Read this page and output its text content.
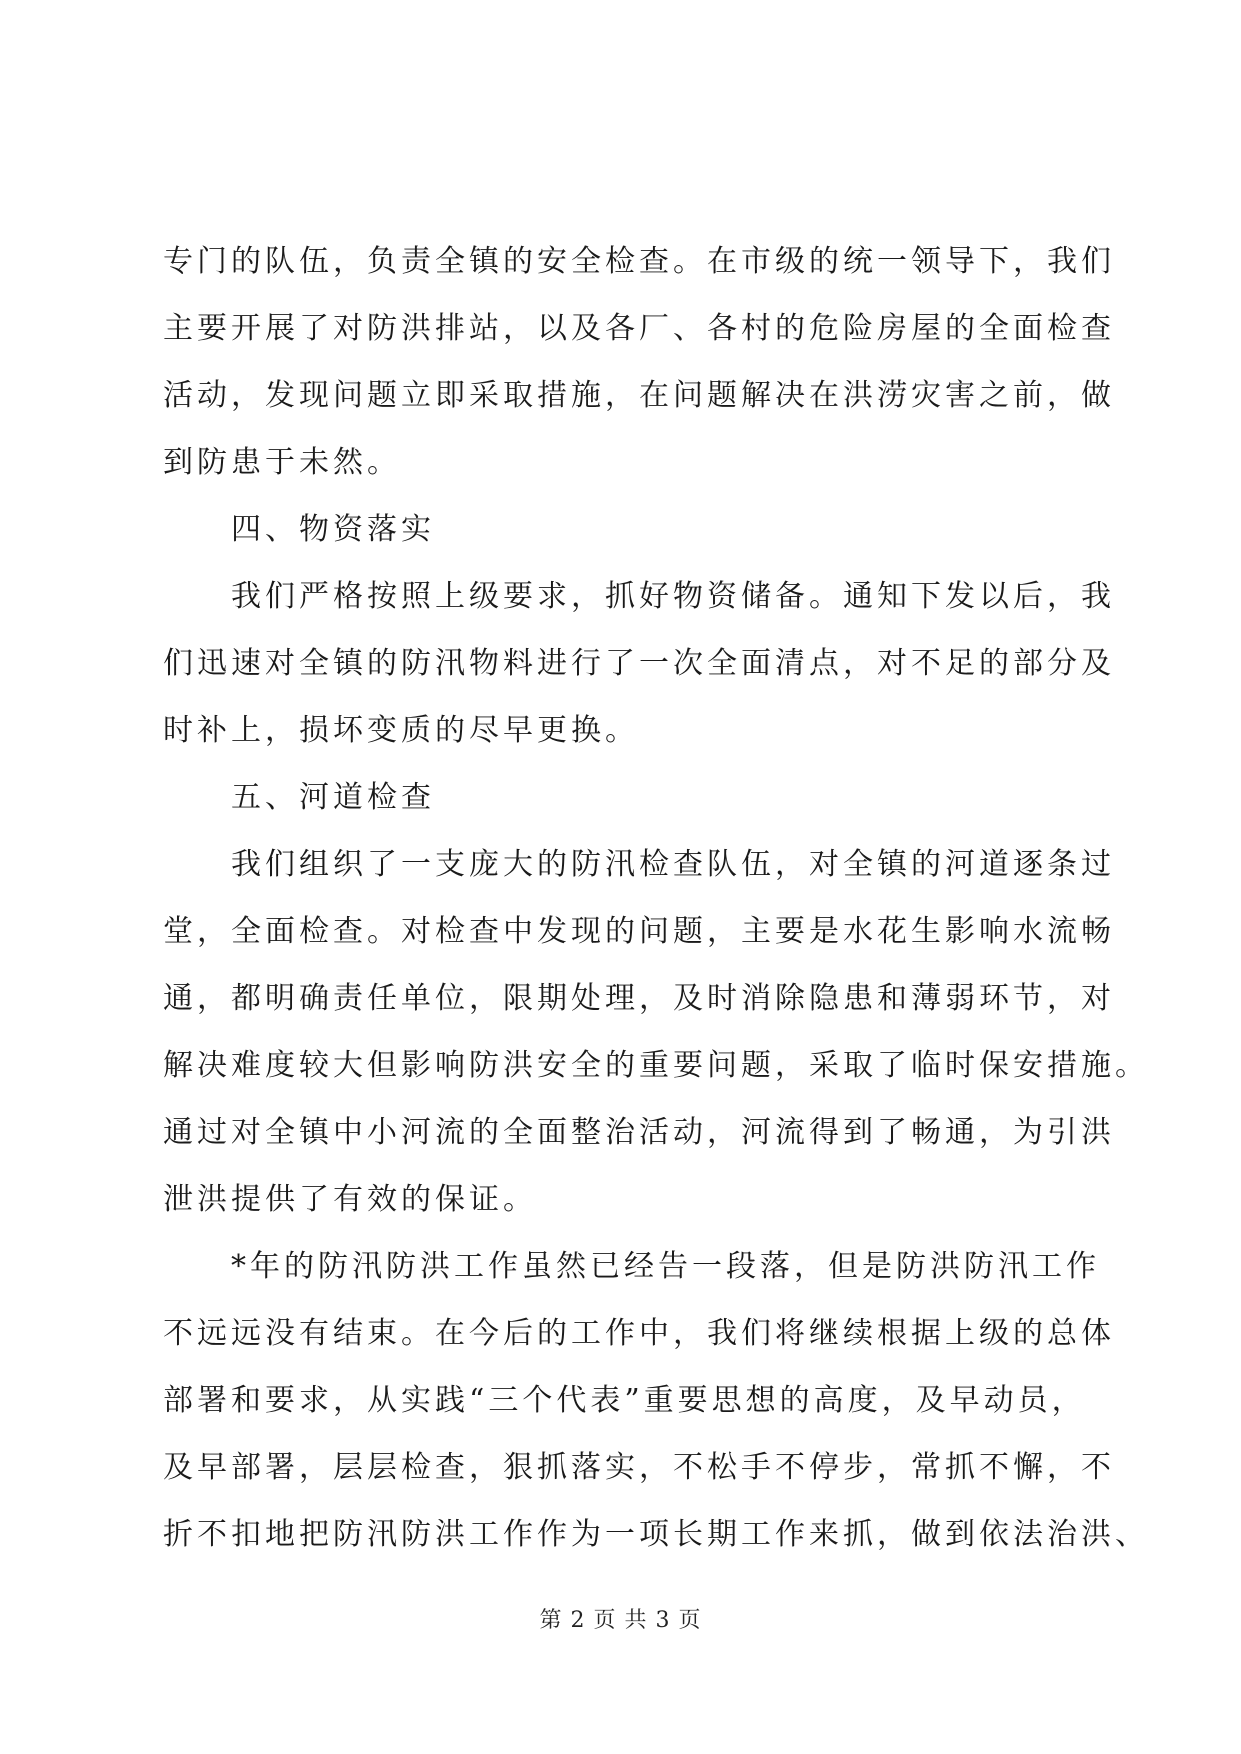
专门的队伍，负责全镇的安全检查。在市级的统一领导下，我们
主要开展了对防洪排站，以及各厂、各村的危险房屋的全面检查
活动，发现问题立即采取措施，在问题解决在洪涝灾害之前，做
到防患于未然。
　　四、物资落实
　　我们严格按照上级要求，抓好物资储备。通知下发以后，我
们迅速对全镇的防汛物料进行了一次全面清点，对不足的部分及
时补上，损坏变质的尽早更换。
　　五、河道检查
　　我们组织了一支庞大的防汛检查队伍，对全镇的河道逐条过
堂，全面检查。对检查中发现的问题，主要是水花生影响水流畅
通，都明确责任单位，限期处理，及时消除隐患和薄弱环节，对
解决难度较大但影响防洪安全的重要问题，采取了临时保安措施。
通过对全镇中小河流的全面整治活动，河流得到了畅通，为引洪
泄洪提供了有效的保证。
　　*年的防汛防洪工作虽然已经告一段落，但是防洪防汛工作
不远远没有结束。在今后的工作中，我们将继续根据上级的总体
部署和要求，从实践“三个代表”重要思想的高度，及早动员，
及早部署，层层检查，狠抓落实，不松手不停步，常抓不懈，不
折不扣地把防汛防洪工作作为一项长期工作来抓，做到依法治洪、
第 2 页 共 3 页
